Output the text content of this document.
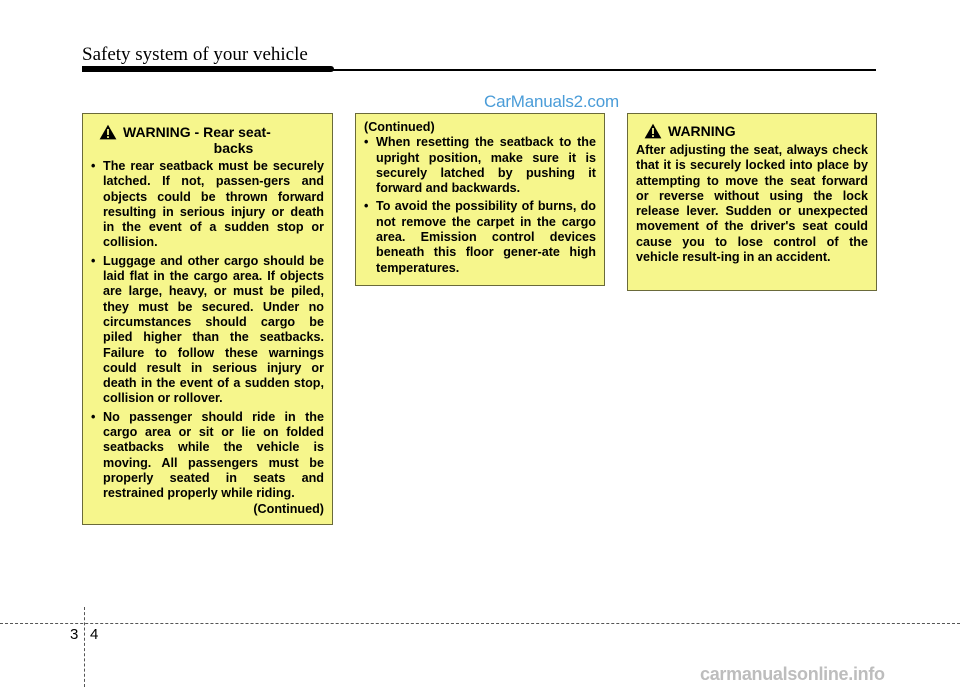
Safety system of your vehicle
CarManuals2.com
WARNING - Rear seat-
backs
• The rear seatback must be securely latched. If not, passen-gers and objects could be thrown forward resulting in serious injury or death in the event of a sudden stop or collision.
• Luggage and other cargo should be laid flat in the cargo area. If objects are large, heavy, or must be piled, they must be secured. Under no circumstances should cargo be piled higher than the seatbacks. Failure to follow these warnings could result in serious injury or death in the event of a sudden stop, collision or rollover.
• No passenger should ride in the cargo area or sit or lie on folded seatbacks while the vehicle is moving. All passengers must be properly seated in seats and restrained properly while riding.
(Continued)
(Continued)
• When resetting the seatback to the upright position, make sure it is securely latched by pushing it forward and backwards.
• To avoid the possibility of burns, do not remove the carpet in the cargo area. Emission control devices beneath this floor gener-ate high temperatures.
WARNING
After adjusting the seat, always check that it is securely locked into place by attempting to move the seat forward or reverse without using the lock release lever. Sudden or unexpected movement of the driver's seat could cause you to lose control of the vehicle result-ing in an accident.
3 4
carmanualsonline.info
